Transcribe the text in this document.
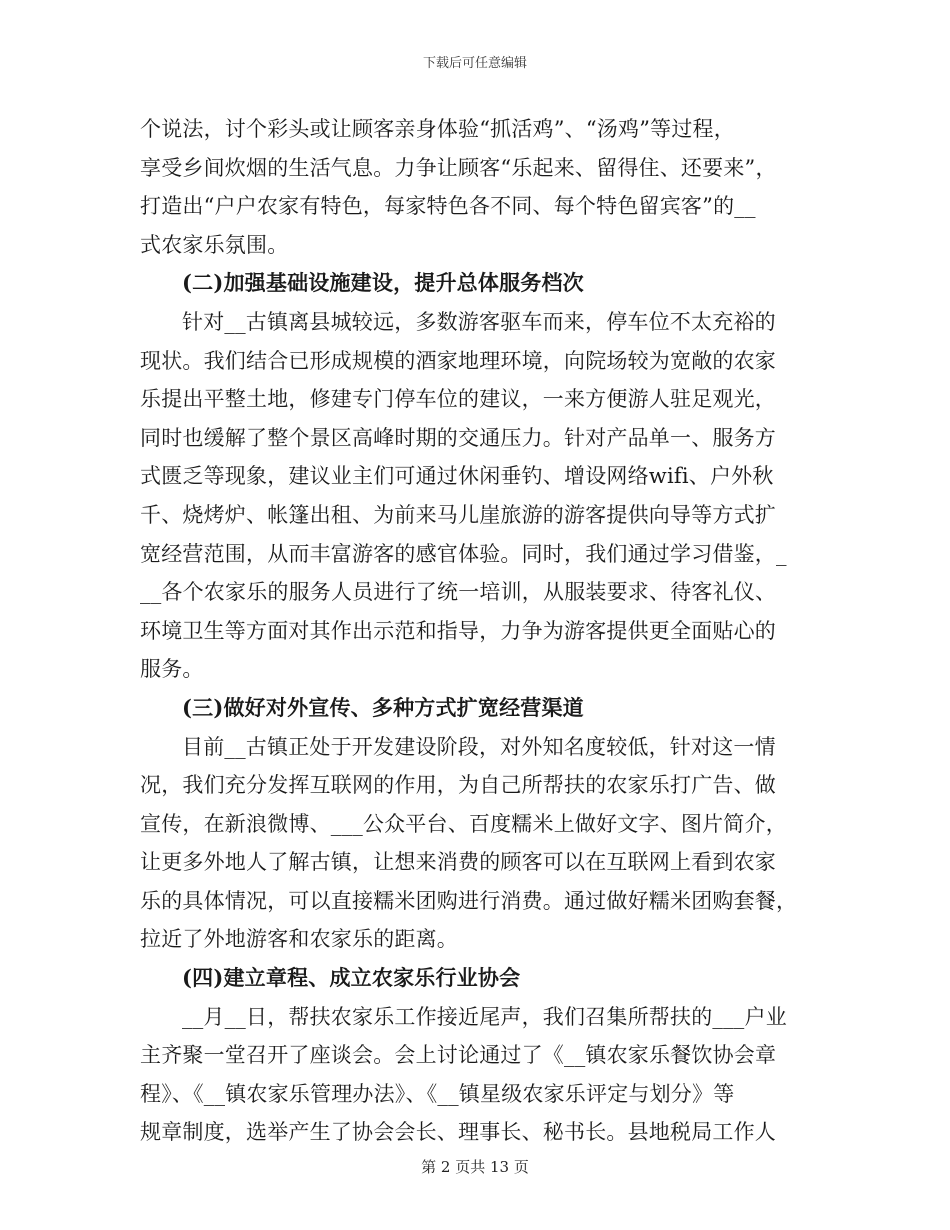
下载后可任意编辑
个说法，讨个彩头或让顾客亲身体验“抓活鸡”、“汤鸡”等过程，
享受乡间炊烟的生活气息。力争让顾客“乐起来、留得住、还要来”，
打造出“户户农家有特色，每家特色各不同、每个特色留宾客”的__
式农家乐氛围。
(二)加强基础设施建设，提升总体服务档次
针对__古镇离县城较远，多数游客驱车而来，停车位不太充裕的
现状。我们结合已形成规模的酒家地理环境，向院场较为宽敞的农家
乐提出平整土地，修建专门停车位的建议，一来方便游人驻足观光，
同时也缓解了整个景区高峰时期的交通压力。针对产品单一、服务方
式匮乏等现象，建议业主们可通过休闲垂钓、增设网络wifi、户外秋
千、烧烤炉、帐篷出租、为前来马儿崖旅游的游客提供向导等方式扩
宽经营范围，从而丰富游客的感官体验。同时，我们通过学习借鉴，_
__各个农家乐的服务人员进行了统一培训，从服装要求、待客礼仪、
环境卫生等方面对其作出示范和指导，力争为游客提供更全面贴心的
服务。
(三)做好对外宣传、多种方式扩宽经营渠道
目前__古镇正处于开发建设阶段，对外知名度较低，针对这一情
况，我们充分发挥互联网的作用，为自己所帮扶的农家乐打广告、做
宣传，在新浪微博、___公众平台、百度糯米上做好文字、图片简介，
让更多外地人了解古镇，让想来消费的顾客可以在互联网上看到农家
乐的具体情况，可以直接糯米团购进行消费。通过做好糯米团购套餐，
拉近了外地游客和农家乐的距离。
(四)建立章程、成立农家乐行业协会
__月__日，帮扶农家乐工作接近尾声，我们召集所帮扶的___户业
主齐聚一堂召开了座谈会。会上讨论通过了《__镇农家乐餐饮协会章
程》、《__镇农家乐管理办法》、《__镇星级农家乐评定与划分》等
规章制度，选举产生了协会会长、理事长、秘书长。县地税局工作人
第 2 页共 13 页
